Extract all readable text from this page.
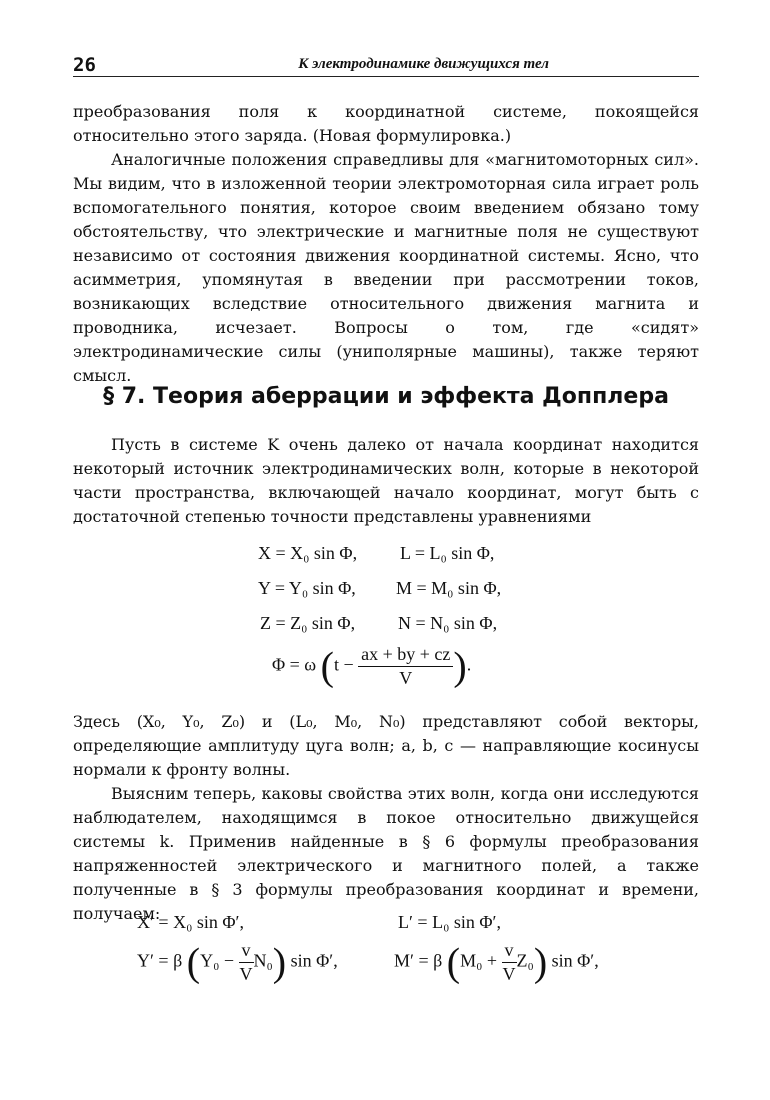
26	К электродинамике движущихся тел

преобразования поля к координатной системе, покоящейся относительно этого заряда. (Новая формулировка.)

Аналогичные положения справедливы для «магнитомоторных сил». Мы видим, что в изложенной теории электромоторная сила играет роль вспомогательного понятия, которое своим введением обязано тому обстоятельству, что электрические и магнитные поля не существуют независимо от состояния движения координатной системы. Ясно, что асимметрия, упомянутая в введении при рассмотрении токов, возникающих вследствие относительного движения магнита и проводника, исчезает. Вопросы о том, где «сидят» электродинамические силы (униполярные машины), также теряют смысл.

§ 7. Теория аберрации и эффекта Допплера

Пусть в системе K очень далеко от начала координат находится некоторый источник электродинамических волн, которые в некоторой части пространства, включающей начало координат, могут быть с достаточной степенью точности представлены уравнениями

X = X₀ sin Φ, L = L₀ sin Φ,
Y = Y₀ sin Φ, M = M₀ sin Φ,
Z = Z₀ sin Φ, N = N₀ sin Φ,
Φ = ω ($t - \frac{ax + by + cz}{V}$ ).

Здесь (X₀, Y₀, Z₀) и (L₀, M₀, N₀) представляют собой векторы, определяющие амплитуду цуга волн; a, b, c — направляющие косинусы нормали к фронту волны.

Выясним теперь, каковы свойства этих волн, когда они исследуются наблюдателем, находящимся в покое относительно движущейся системы k. Применив найденные в § 6 формулы преобразования напряженностей электрического и магнитного полей, а также полученные в § 3 формулы преобразования координат и времени, получаем:

X′ = X₀ sin Φ′,	L′ = L₀ sin Φ′,
Y′ = β $(Y_0 - \frac{v}{V} N_0)$ sin Φ′,	M′ = β $(M_0 + \frac{v}{V} Z_0)$ sin Φ′,
